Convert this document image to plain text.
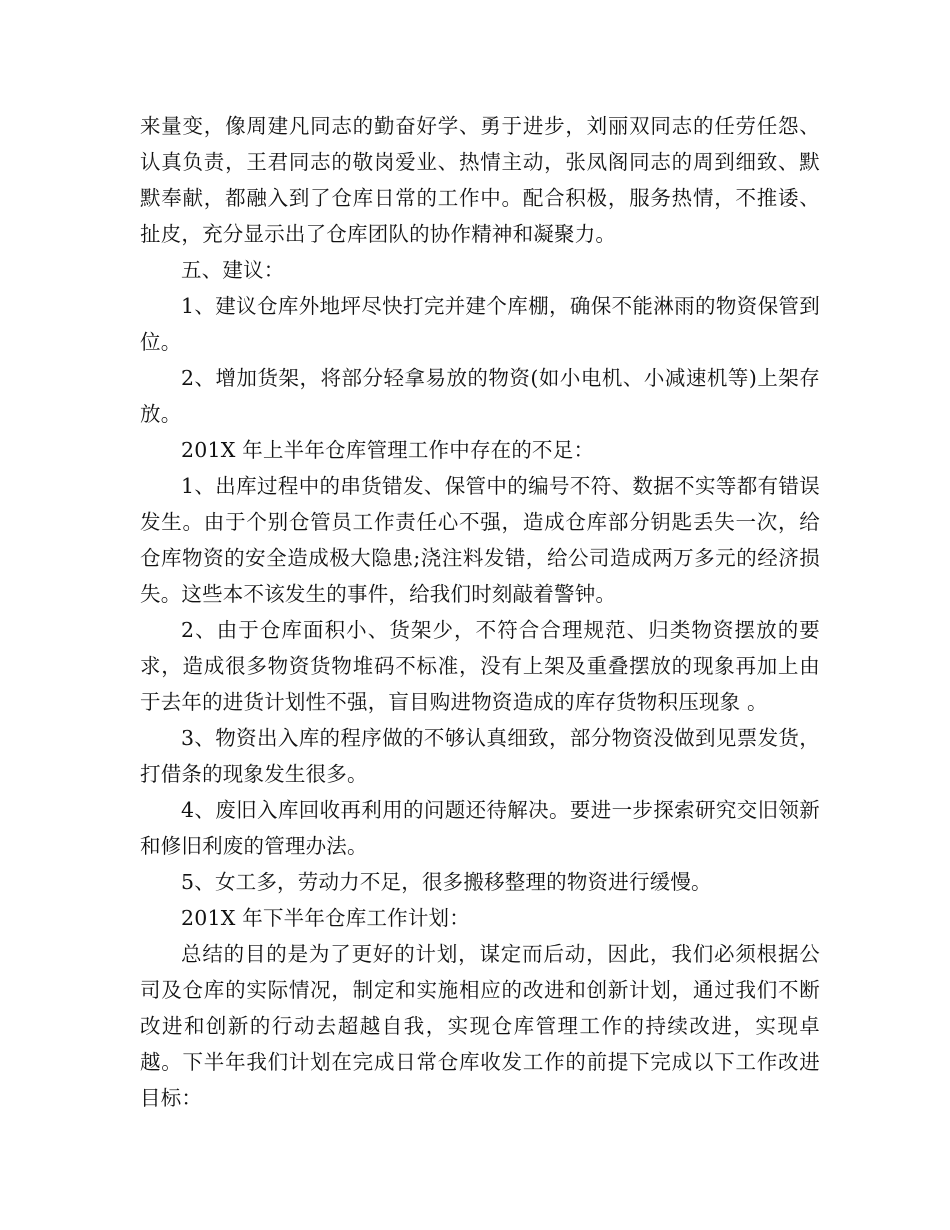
来量变，像周建凡同志的勤奋好学、勇于进步，刘丽双同志的任劳任怨、认真负责，王君同志的敬岗爱业、热情主动，张凤阁同志的周到细致、默默奉献，都融入到了仓库日常的工作中。配合积极，服务热情，不推诿、扯皮，充分显示出了仓库团队的协作精神和凝聚力。

五、建议：

1、建议仓库外地坪尽快打完并建个库棚，确保不能淋雨的物资保管到位。

2、增加货架，将部分轻拿易放的物资(如小电机、小减速机等)上架存放。

201X 年上半年仓库管理工作中存在的不足：

1、出库过程中的串货错发、保管中的编号不符、数据不实等都有错误发生。由于个别仓管员工作责任心不强，造成仓库部分钥匙丢失一次，给仓库物资的安全造成极大隐患;浇注料发错，给公司造成两万多元的经济损失。这些本不该发生的事件，给我们时刻敲着警钟。

2、由于仓库面积小、货架少，不符合合理规范、归类物资摆放的要求，造成很多物资货物堆码不标准，没有上架及重叠摆放的现象再加上由于去年的进货计划性不强，盲目购进物资造成的库存货物积压现象 。

3、物资出入库的程序做的不够认真细致，部分物资没做到见票发货，打借条的现象发生很多。

4、废旧入库回收再利用的问题还待解决。要进一步探索研究交旧领新和修旧利废的管理办法。

5、女工多，劳动力不足，很多搬移整理的物资进行缓慢。

201X 年下半年仓库工作计划：

总结的目的是为了更好的计划，谋定而后动，因此，我们必须根据公司及仓库的实际情况，制定和实施相应的改进和创新计划，通过我们不断改进和创新的行动去超越自我，实现仓库管理工作的持续改进，实现卓越。下半年我们计划在完成日常仓库收发工作的前提下完成以下工作改进目标：
